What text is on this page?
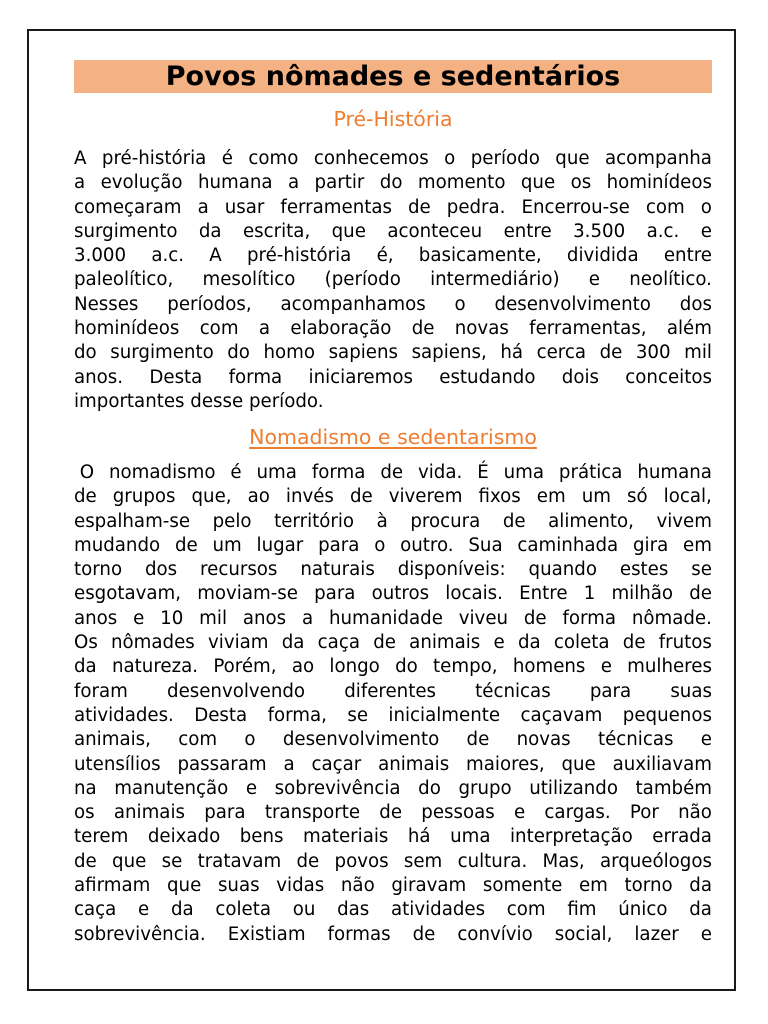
Povos nômades e sedentários
Pré-História
A pré-história é como conhecemos o período que acompanha
a evolução humana a partir do momento que os hominídeos
começaram a usar ferramentas de pedra. Encerrou-se com o
surgimento da escrita, que aconteceu entre 3.500 a.c. e
3.000 a.c. A pré-história é, basicamente, dividida entre
paleolítico, mesolítico (período intermediário) e neolítico.
Nesses períodos, acompanhamos o desenvolvimento dos
hominídeos com a elaboração de novas ferramentas, além
do surgimento do homo sapiens sapiens, há cerca de 300 mil
anos. Desta forma iniciaremos estudando dois conceitos
importantes desse período.
Nomadismo e sedentarismo
O nomadismo é uma forma de vida. É uma prática humana
de grupos que, ao invés de viverem fixos em um só local,
espalham-se pelo território à procura de alimento, vivem
mudando de um lugar para o outro. Sua caminhada gira em
torno dos recursos naturais disponíveis: quando estes se
esgotavam, moviam-se para outros locais. Entre 1 milhão de
anos e 10 mil anos a humanidade viveu de forma nômade.
Os nômades viviam da caça de animais e da coleta de frutos
da natureza. Porém, ao longo do tempo, homens e mulheres
foram desenvolvendo diferentes técnicas para suas
atividades. Desta forma, se inicialmente caçavam pequenos
animais, com o desenvolvimento de novas técnicas e
utensílios passaram a caçar animais maiores, que auxiliavam
na manutenção e sobrevivência do grupo utilizando também
os animais para transporte de pessoas e cargas. Por não
terem deixado bens materiais há uma interpretação errada
de que se tratavam de povos sem cultura. Mas, arqueólogos
afirmam que suas vidas não giravam somente em torno da
caça e da coleta ou das atividades com fim único da
sobrevivência. Existiam formas de convívio social, lazer e
